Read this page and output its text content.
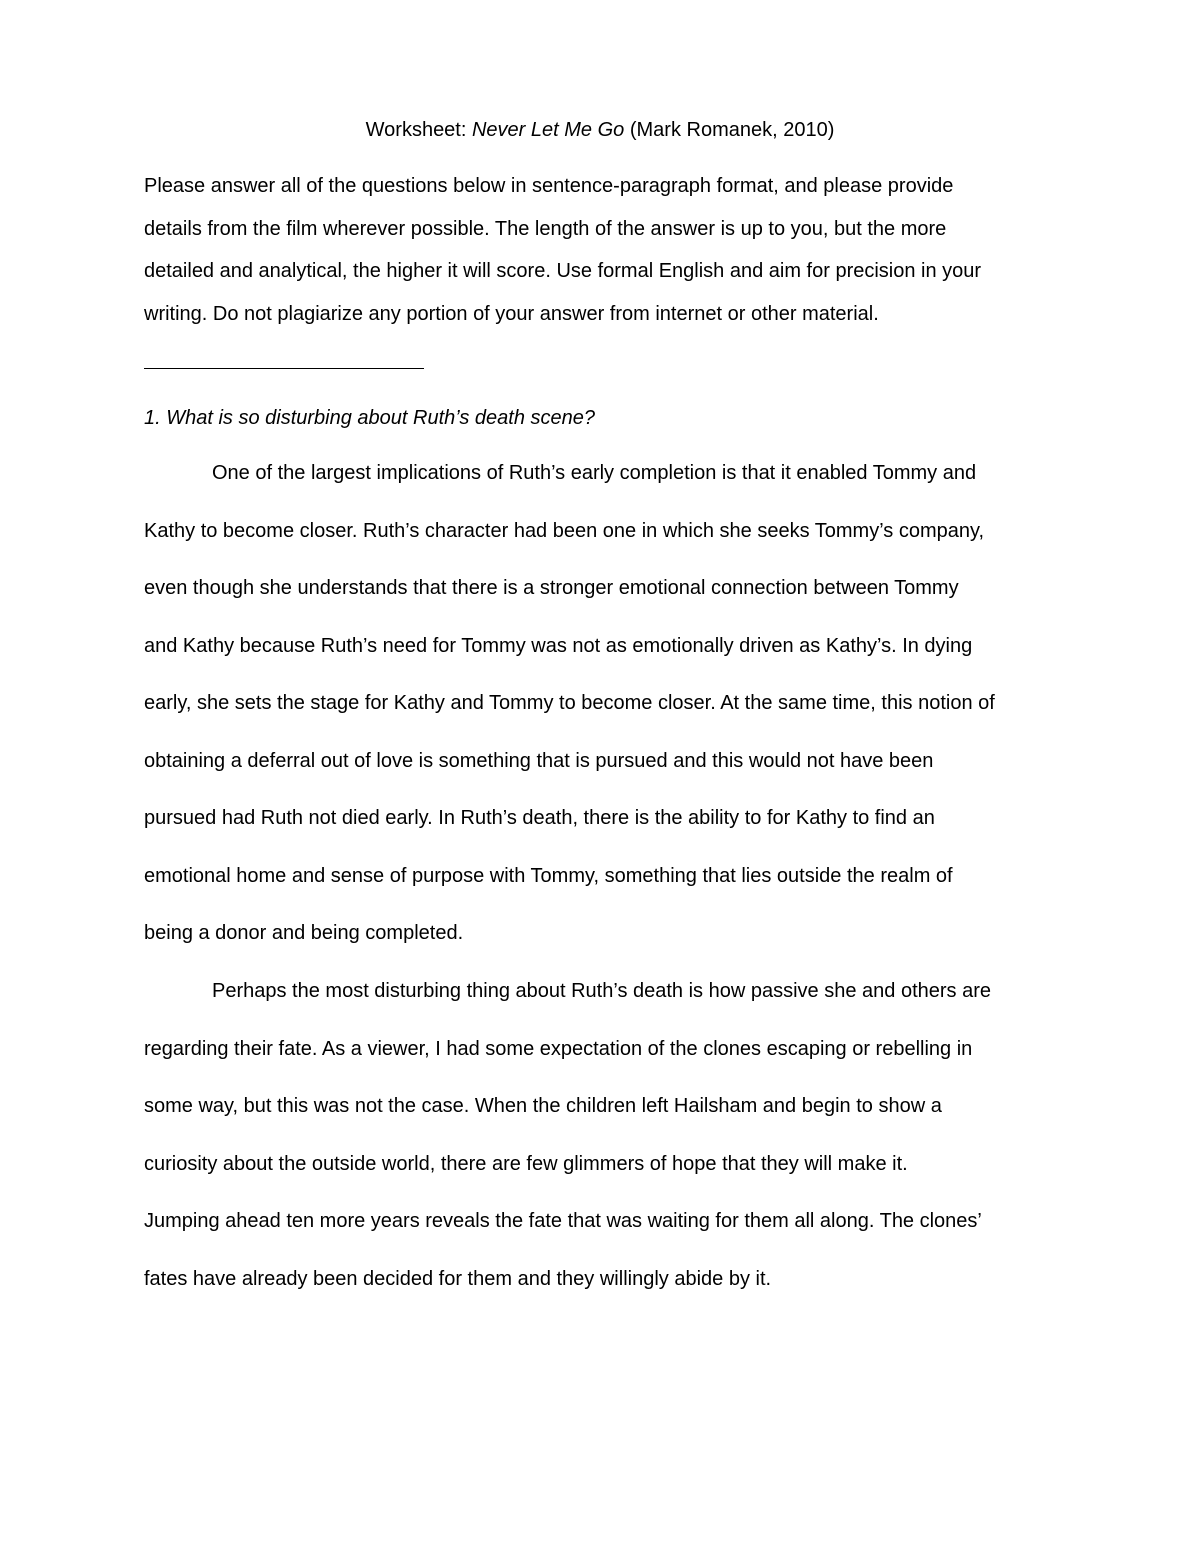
Worksheet: Never Let Me Go (Mark Romanek, 2010)
Please answer all of the questions below in sentence-paragraph format, and please provide
details from the film wherever possible. The length of the answer is up to you, but the more
detailed and analytical, the higher it will score. Use formal English and aim for precision in your
writing. Do not plagiarize any portion of your answer from internet or other material.
1. What is so disturbing about Ruth’s death scene?
One of the largest implications of Ruth’s early completion is that it enabled Tommy and
Kathy to become closer. Ruth’s character had been one in which she seeks Tommy’s company,
even though she understands that there is a stronger emotional connection between Tommy
and Kathy because Ruth’s need for Tommy was not as emotionally driven as Kathy’s. In dying
early, she sets the stage for Kathy and Tommy to become closer. At the same time, this notion of
obtaining a deferral out of love is something that is pursued and this would not have been
pursued had Ruth not died early. In Ruth’s death, there is the ability to for Kathy to find an
emotional home and sense of purpose with Tommy, something that lies outside the realm of
being a donor and being completed.
Perhaps the most disturbing thing about Ruth’s death is how passive she and others are
regarding their fate. As a viewer, I had some expectation of the clones escaping or rebelling in
some way, but this was not the case. When the children left Hailsham and begin to show a
curiosity about the outside world, there are few glimmers of hope that they will make it.
Jumping ahead ten more years reveals the fate that was waiting for them all along. The clones’
fates have already been decided for them and they willingly abide by it.
